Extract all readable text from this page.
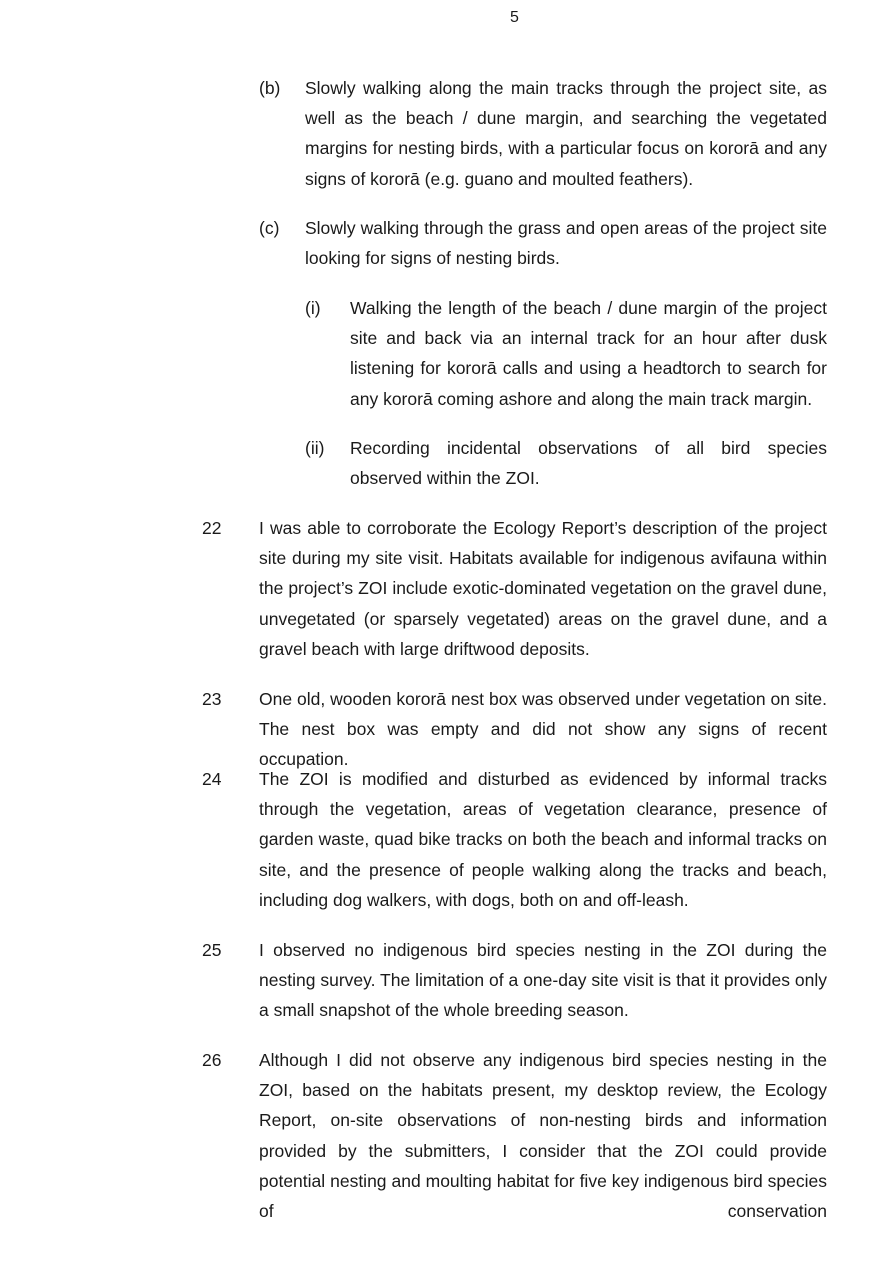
5
(b) Slowly walking along the main tracks through the project site, as well as the beach / dune margin, and searching the vegetated margins for nesting birds, with a particular focus on kororā and any signs of kororā (e.g. guano and moulted feathers).
(c) Slowly walking through the grass and open areas of the project site looking for signs of nesting birds.
(i) Walking the length of the beach / dune margin of the project site and back via an internal track for an hour after dusk listening for kororā calls and using a headtorch to search for any kororā coming ashore and along the main track margin.
(ii) Recording incidental observations of all bird species observed within the ZOI.
22 I was able to corroborate the Ecology Report’s description of the project site during my site visit. Habitats available for indigenous avifauna within the project’s ZOI include exotic-dominated vegetation on the gravel dune, unvegetated (or sparsely vegetated) areas on the gravel dune, and a gravel beach with large driftwood deposits.
23 One old, wooden kororā nest box was observed under vegetation on site. The nest box was empty and did not show any signs of recent occupation.
24 The ZOI is modified and disturbed as evidenced by informal tracks through the vegetation, areas of vegetation clearance, presence of garden waste, quad bike tracks on both the beach and informal tracks on site, and the presence of people walking along the tracks and beach, including dog walkers, with dogs, both on and off-leash.
25 I observed no indigenous bird species nesting in the ZOI during the nesting survey. The limitation of a one-day site visit is that it provides only a small snapshot of the whole breeding season.
26 Although I did not observe any indigenous bird species nesting in the ZOI, based on the habitats present, my desktop review, the Ecology Report, on-site observations of non-nesting birds and information provided by the submitters, I consider that the ZOI could provide potential nesting and moulting habitat for five key indigenous bird species of conservation
